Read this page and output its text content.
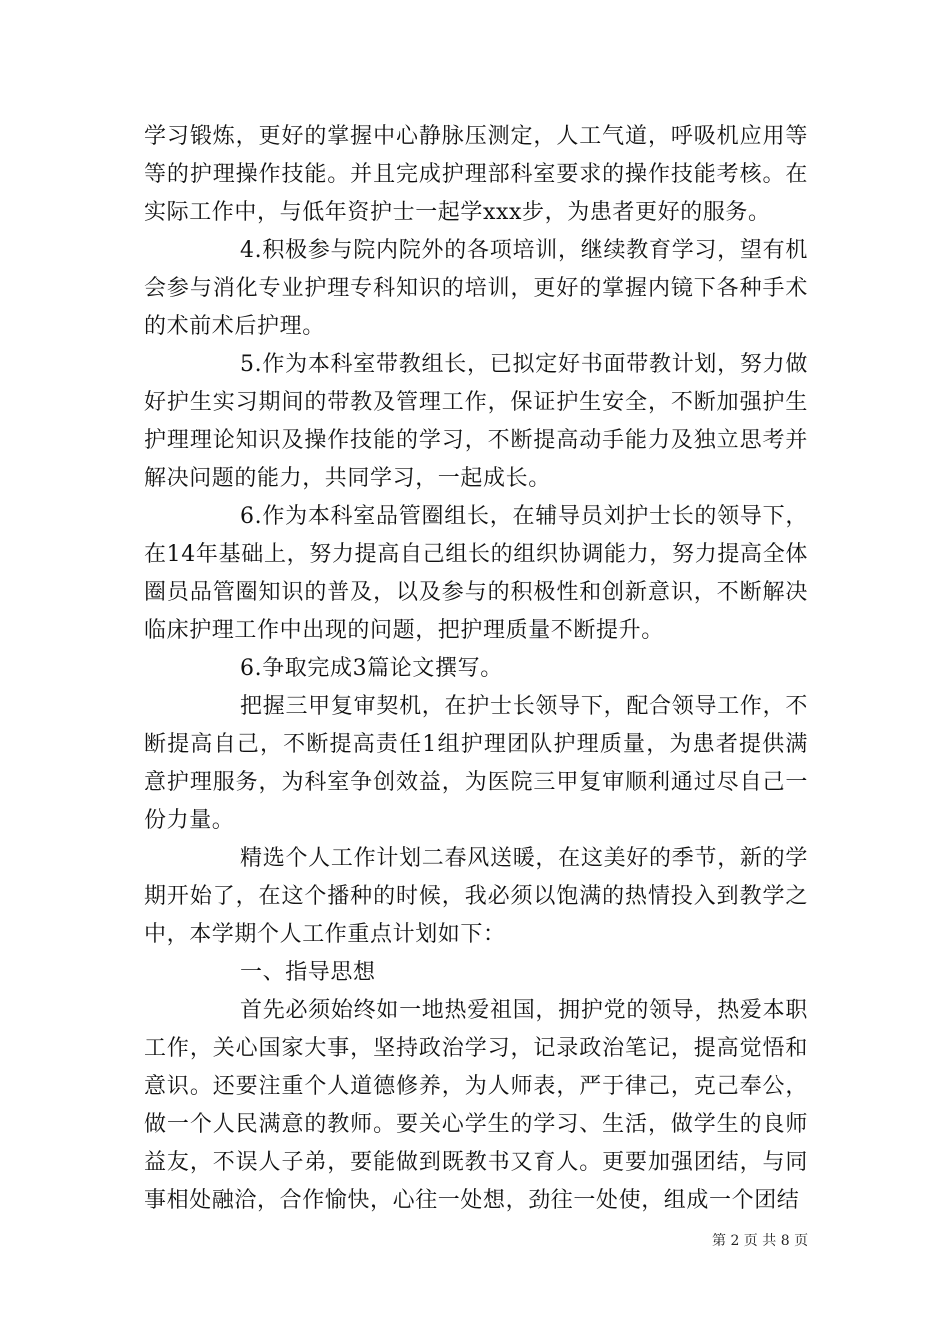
学习锻炼，更好的掌握中心静脉压测定，人工气道，呼吸机应用等等的护理操作技能。并且完成护理部科室要求的操作技能考核。在实际工作中，与低年资护士一起学xxx步，为患者更好的服务。

4.积极参与院内院外的各项培训，继续教育学习，望有机会参与消化专业护理专科知识的培训，更好的掌握内镜下各种手术的术前术后护理。

5.作为本科室带教组长，已拟定好书面带教计划，努力做好护生实习期间的带教及管理工作，保证护生安全，不断加强护生护理理论知识及操作技能的学习，不断提高动手能力及独立思考并解决问题的能力，共同学习，一起成长。

6.作为本科室品管圈组长，在辅导员刘护士长的领导下，在14年基础上，努力提高自己组长的组织协调能力，努力提高全体圈员品管圈知识的普及，以及参与的积极性和创新意识，不断解决临床护理工作中出现的问题，把护理质量不断提升。

6.争取完成3篇论文撰写。

把握三甲复审契机，在护士长领导下，配合领导工作，不断提高自己，不断提高责任1组护理团队护理质量，为患者提供满意护理服务，为科室争创效益，为医院三甲复审顺利通过尽自己一份力量。

精选个人工作计划二春风送暖，在这美好的季节，新的学期开始了，在这个播种的时候，我必须以饱满的热情投入到教学之中，本学期个人工作重点计划如下：

一、指导思想

首先必须始终如一地热爱祖国，拥护党的领导，热爱本职工作，关心国家大事，坚持政治学习，记录政治笔记，提高觉悟和意识。还要注重个人道德修养，为人师表，严于律己，克己奉公，做一个人民满意的教师。要关心学生的学习、生活，做学生的良师益友，不误人子弟，要能做到既教书又育人。更要加强团结，与同事相处融洽，合作愉快，心往一处想，劲往一处使，组成一个团结

第 2 页 共 8 页
